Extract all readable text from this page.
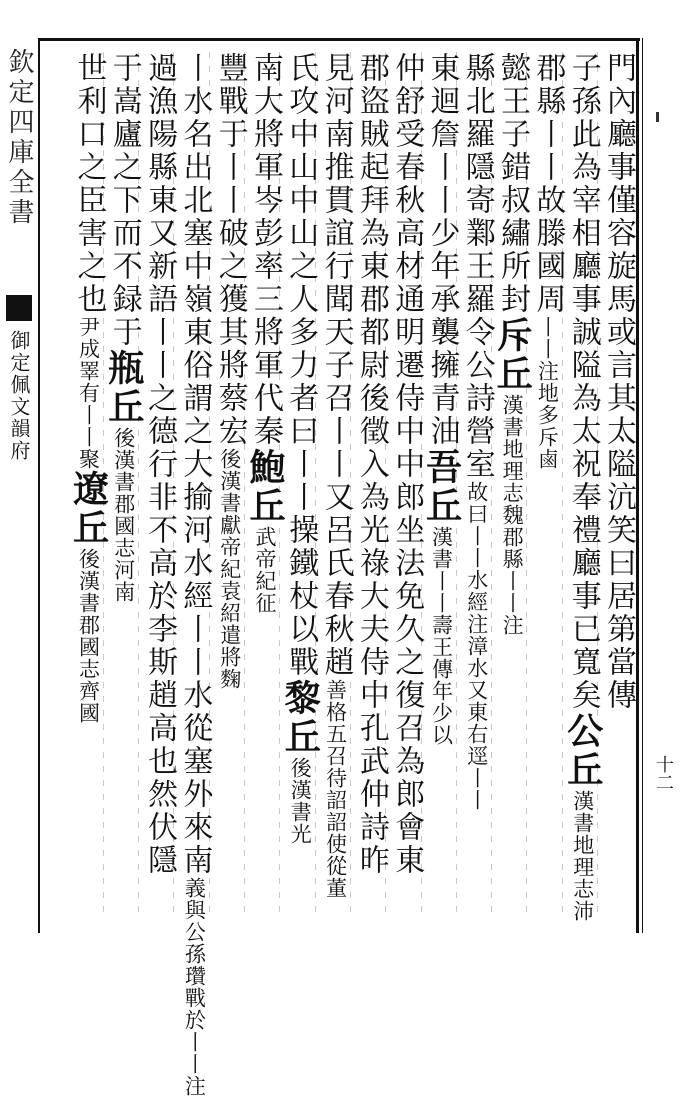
欽定四庫全書
御定佩文韻府
十二
門內廳事僅容旋馬或言其太隘沆笑曰居第當傳
子孫此為宰相廳事誠隘為太祝奉禮廳事已寬矣公丘漢書地理志沛
郡縣丨丨故滕國周丨丨注地多斥鹵
懿王子錯叔繡所封斥丘漢書地理志魏郡縣丨丨注
縣北羅隱寄鄴王羅令公詩營室故曰丨丨水經注漳水又東右逕丨丨
東迴詹丨丨少年承襲擁青油吾丘漢書丨丨壽王傳年少以
仲舒受春秋高材通明遷侍中中郎坐法免久之復召為郎會東
郡盜賊起拜為東郡都尉後徵入為光祿大夫侍中孔武仲詩昨
見河南推貫誼行聞天子召丨丨又呂氏春秋趙善格五召待詔詔使從董
氏攻中山中山之人多力者曰丨丨操鐵杖以戰黎丘後漢書光
南大將軍岑彭率三將軍代秦鮑丘武帝紀征
豐戰于丨丨破之獲其將蔡宏後漢書獻帝紀袁紹遣將麴
丨水名出北塞中嶺東俗謂之大揄河水經丨丨水從塞外來南義與公孫瓚戰於丨丨注
過漁陽縣東又新語丨丨之德行非不高於李斯趙高也然伏隱
于嵩廬之下而不録于瓶丘後漢書郡國志河南
世利口之臣害之也尹成睪有丨丨聚遼丘後漢書郡國志齊國
